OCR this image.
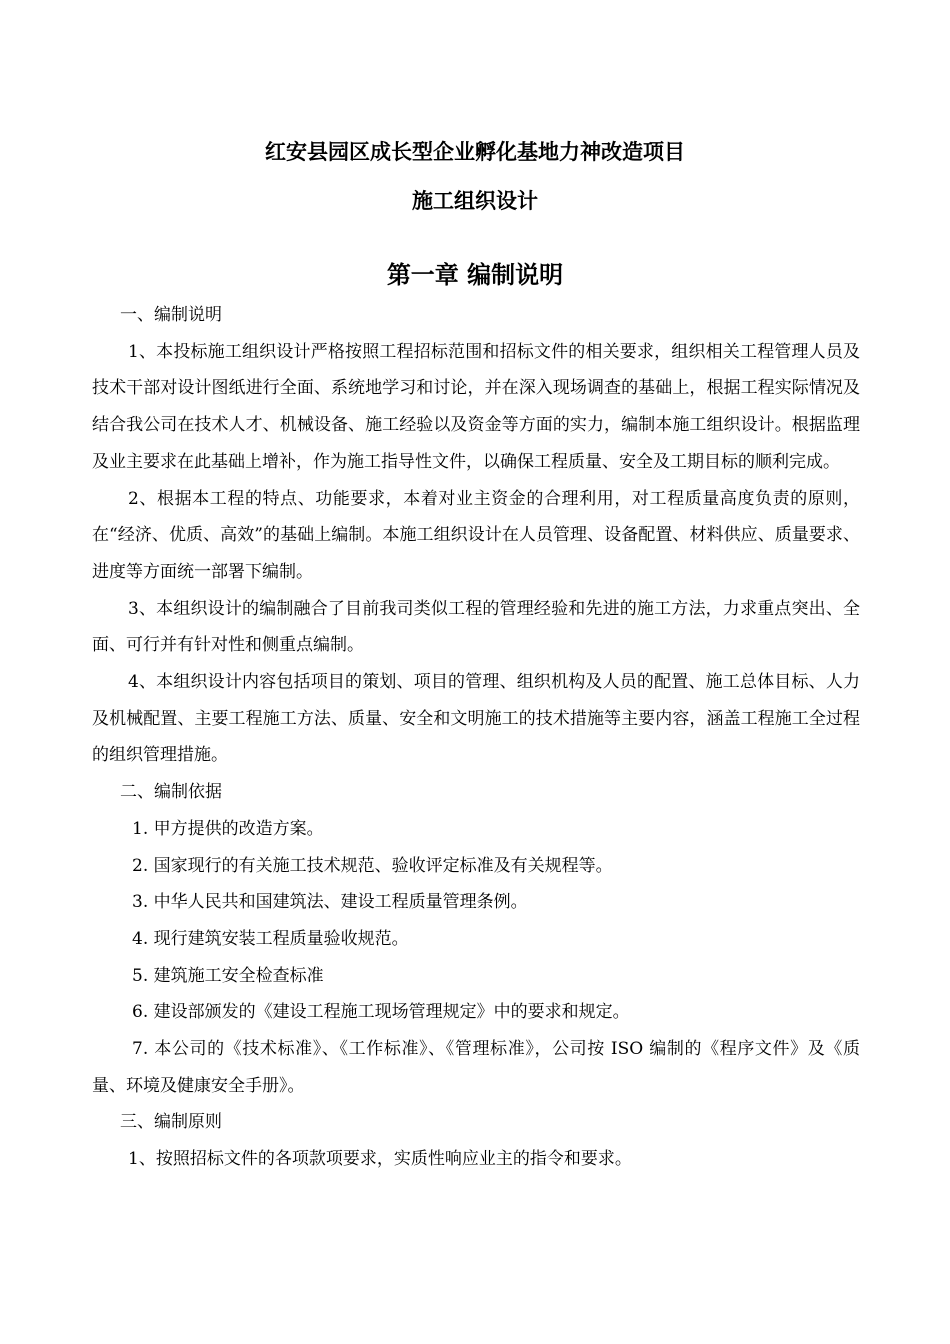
红安县园区成长型企业孵化基地力神改造项目
施工组织设计
第一章 编制说明

一、编制说明

1、本投标施工组织设计严格按照工程招标范围和招标文件的相关要求，组织相关工程管理人员及技术干部对设计图纸进行全面、系统地学习和讨论，并在深入现场调查的基础上，根据工程实际情况及结合我公司在技术人才、机械设备、施工经验以及资金等方面的实力，编制本施工组织设计。根据监理及业主要求在此基础上增补，作为施工指导性文件，以确保工程质量、安全及工期目标的顺利完成。

2、根据本工程的特点、功能要求，本着对业主资金的合理利用，对工程质量高度负责的原则，在“经济、优质、高效”的基础上编制。本施工组织设计在人员管理、设备配置、材料供应、质量要求、进度等方面统一部署下编制。

3、本组织设计的编制融合了目前我司类似工程的管理经验和先进的施工方法，力求重点突出、全面、可行并有针对性和侧重点编制。

4、本组织设计内容包括项目的策划、项目的管理、组织机构及人员的配置、施工总体目标、人力及机械配置、主要工程施工方法、质量、安全和文明施工的技术措施等主要内容，涵盖工程施工全过程的组织管理措施。

二、编制依据

1. 甲方提供的改造方案。

2. 国家现行的有关施工技术规范、验收评定标准及有关规程等。

3. 中华人民共和国建筑法、建设工程质量管理条例。

4. 现行建筑安装工程质量验收规范。

5. 建筑施工安全检查标准

6. 建设部颁发的《建设工程施工现场管理规定》中的要求和规定。

7. 本公司的《技术标准》、《工作标准》、《管理标准》，公司按 ISO 编制的《程序文件》及《质量、环境及健康安全手册》。

三、编制原则

1、按照招标文件的各项款项要求，实质性响应业主的指令和要求。
